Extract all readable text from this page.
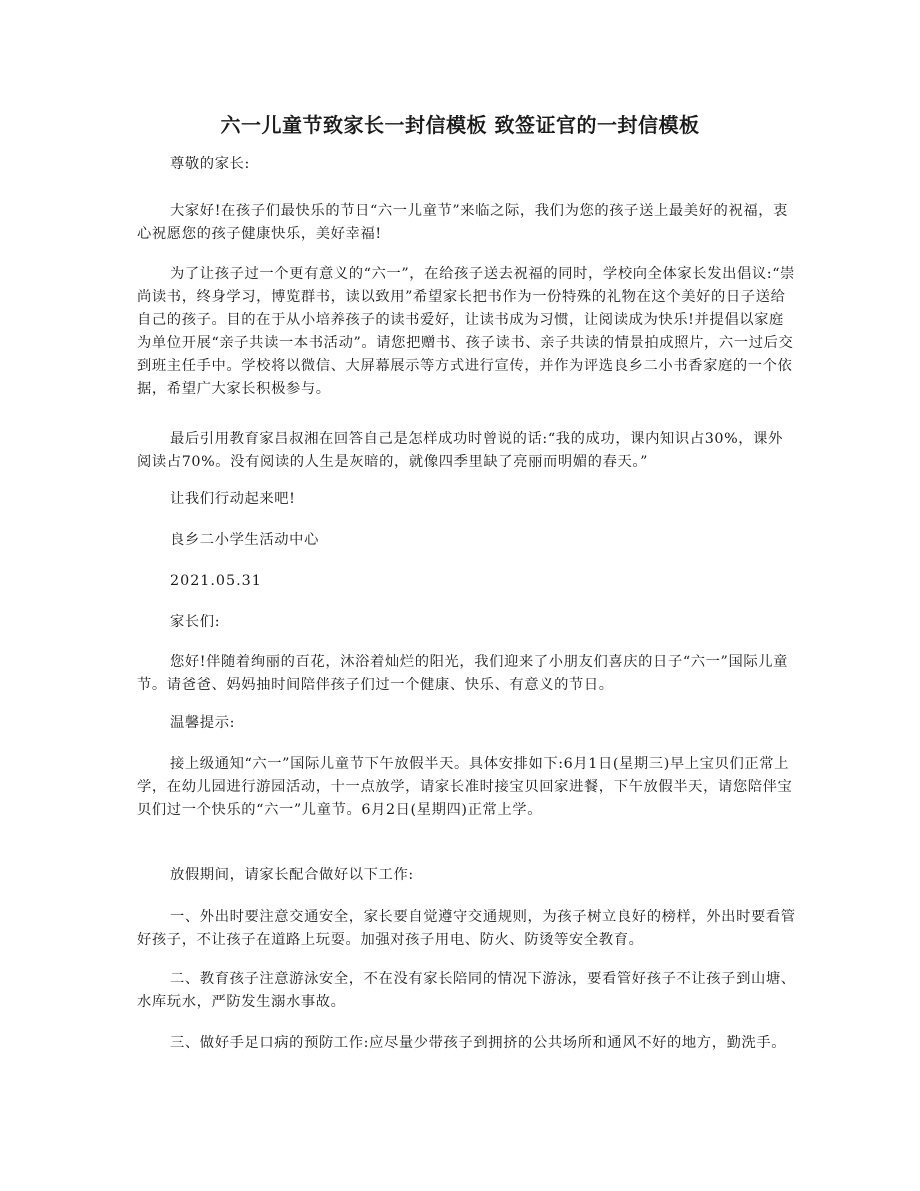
六一儿童节致家长一封信模板 致签证官的一封信模板

尊敬的家长:

大家好!在孩子们最快乐的节日“六一儿童节”来临之际，我们为您的孩子送上最美好的祝福，衷心祝愿您的孩子健康快乐，美好幸福!

为了让孩子过一个更有意义的“六一”，在给孩子送去祝福的同时，学校向全体家长发出倡议:“崇尚读书，终身学习，博览群书，读以致用”希望家长把书作为一份特殊的礼物在这个美好的日子送给自己的孩子。目的在于从小培养孩子的读书爱好，让读书成为习惯，让阅读成为快乐!并提倡以家庭为单位开展“亲子共读一本书活动”。请您把赠书、孩子读书、亲子共读的情景拍成照片，六一过后交到班主任手中。学校将以微信、大屏幕展示等方式进行宣传，并作为评选良乡二小书香家庭的一个依据，希望广大家长积极参与。

最后引用教育家吕叔湘在回答自己是怎样成功时曾说的话:“我的成功，课内知识占30%，课外阅读占70%。没有阅读的人生是灰暗的，就像四季里缺了亮丽而明媚的春天。”

让我们行动起来吧!

良乡二小学生活动中心

2021.05.31

家长们:

您好!伴随着绚丽的百花，沐浴着灿烂的阳光，我们迎来了小朋友们喜庆的日子“六一”国际儿童节。请爸爸、妈妈抽时间陪伴孩子们过一个健康、快乐、有意义的节日。

温馨提示:

接上级通知“六一”国际儿童节下午放假半天。具体安排如下:6月1日(星期三)早上宝贝们正常上学，在幼儿园进行游园活动，十一点放学，请家长准时接宝贝回家进餐，下午放假半天，请您陪伴宝贝们过一个快乐的“六一”儿童节。6月2日(星期四)正常上学。

放假期间，请家长配合做好以下工作:

一、外出时要注意交通安全，家长要自觉遵守交通规则，为孩子树立良好的榜样，外出时要看管好孩子，不让孩子在道路上玩耍。加强对孩子用电、防火、防烫等安全教育。

二、教育孩子注意游泳安全，不在没有家长陪同的情况下游泳，要看管好孩子不让孩子到山塘、水库玩水，严防发生溺水事故。

三、做好手足口病的预防工作:应尽量少带孩子到拥挤的公共场所和通风不好的地方，勤洗手。
